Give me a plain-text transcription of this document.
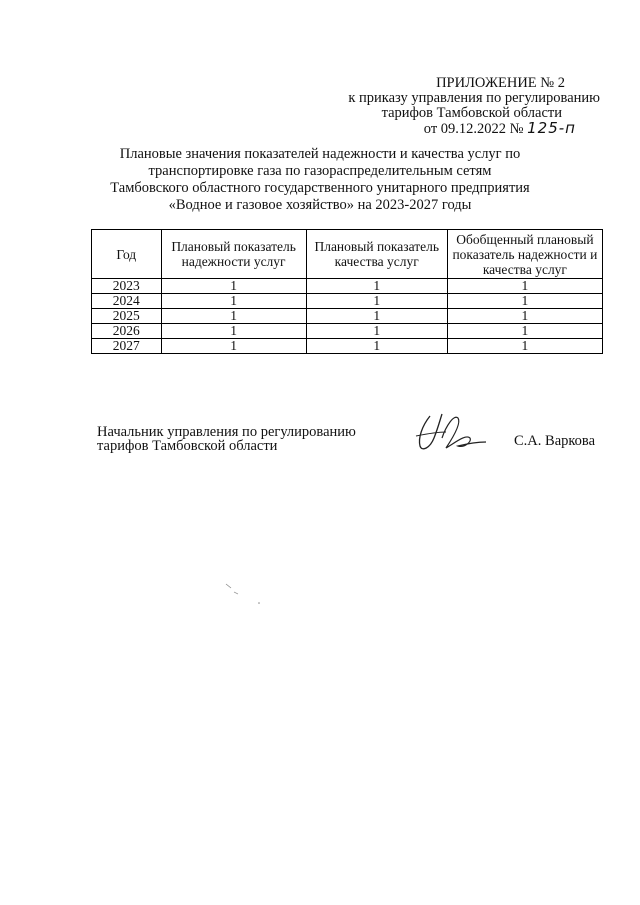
ПРИЛОЖЕНИЕ № 2
к приказу управления по регулированию
тарифов Тамбовской области
от 09.12.2022 № 125-п
Плановые значения показателей надежности и качества услуг по транспортировке газа по газораспределительным сетям Тамбовского областного государственного унитарного предприятия «Водное и газовое хозяйство» на 2023-2027 годы
Год	Плановый показатель надежности услуг	Плановый показатель качества услуг	Обобщенный плановый показатель надежности и качества услуг
2023	1	1	1
2024	1	1	1
2025	1	1	1
2026	1	1	1
2027	1	1	1
Начальник управления по регулированию
тарифов Тамбовской области	С.А. Варкова
